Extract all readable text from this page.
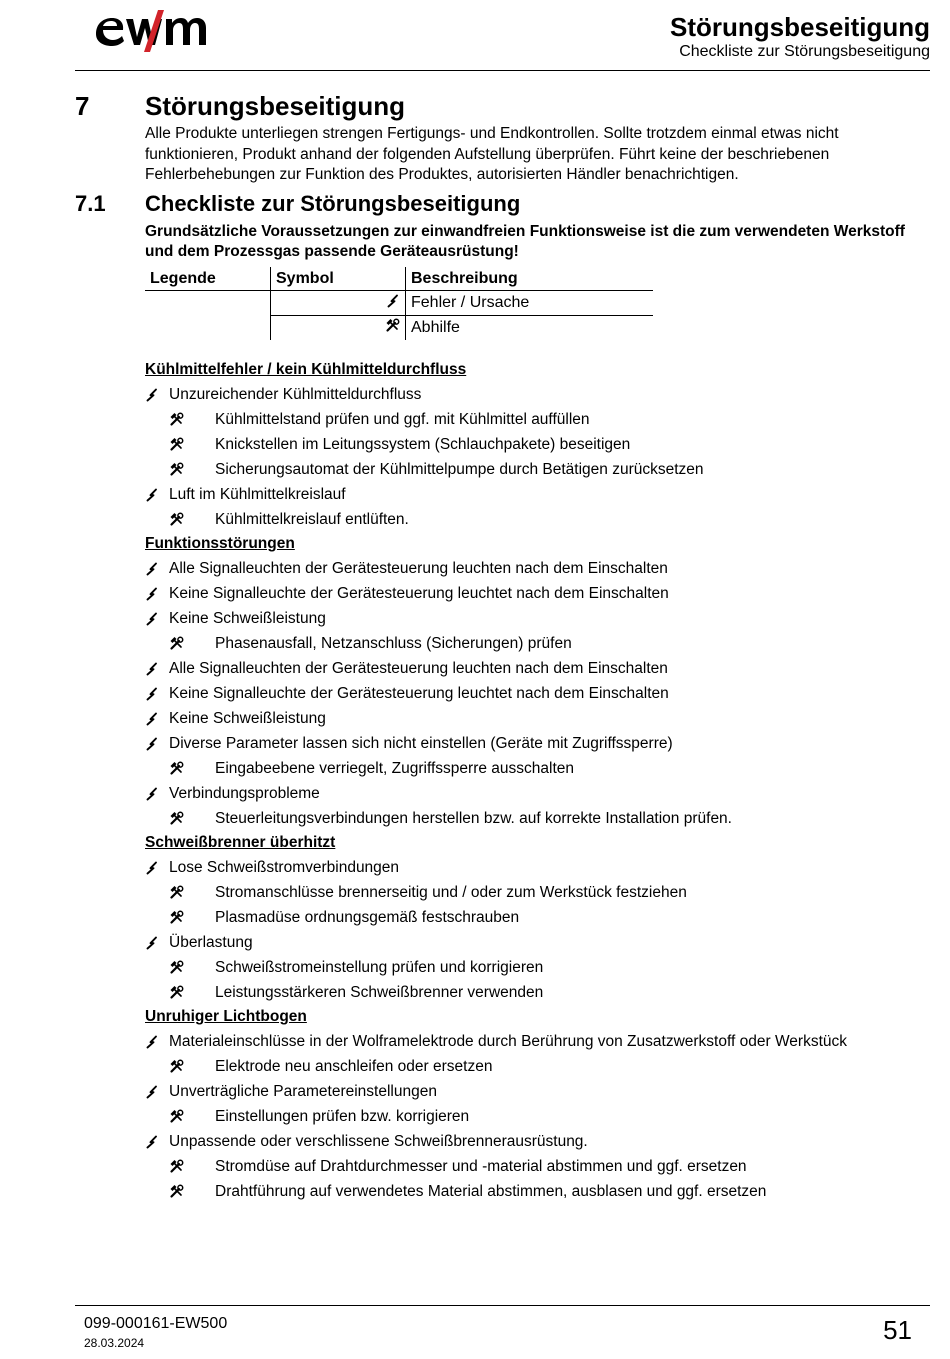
Störungsbeseitigung
Checkliste zur Störungsbeseitigung
7 Störungsbeseitigung
Alle Produkte unterliegen strengen Fertigungs- und Endkontrollen. Sollte trotzdem einmal etwas nicht funktionieren, Produkt anhand der folgenden Aufstellung überprüfen. Führt keine der beschriebenen Fehlerbehebungen zur Funktion des Produktes, autorisierten Händler benachrichtigen.
7.1 Checkliste zur Störungsbeseitigung
Grundsätzliche Voraussetzungen zur einwandfreien Funktionsweise ist die zum verwendeten Werkstoff und dem Prozessgas passende Geräteausrüstung!
Legende	Symbol	Beschreibung
		Fehler / Ursache
		Abhilfe
Kühlmittelfehler / kein Kühlmitteldurchfluss
Unzureichender Kühlmitteldurchfluss
Kühlmittelstand prüfen und ggf. mit Kühlmittel auffüllen
Knickstellen im Leitungssystem (Schlauchpakete) beseitigen
Sicherungsautomat der Kühlmittelpumpe durch Betätigen zurücksetzen
Luft im Kühlmittelkreislauf
Kühlmittelkreislauf entlüften.
Funktionsstörungen
Alle Signalleuchten der Gerätesteuerung leuchten nach dem Einschalten
Keine Signalleuchte der Gerätesteuerung leuchtet nach dem Einschalten
Keine Schweißleistung
Phasenausfall, Netzanschluss (Sicherungen) prüfen
Alle Signalleuchten der Gerätesteuerung leuchten nach dem Einschalten
Keine Signalleuchte der Gerätesteuerung leuchtet nach dem Einschalten
Keine Schweißleistung
Diverse Parameter lassen sich nicht einstellen (Geräte mit Zugriffssperre)
Eingabeebene verriegelt, Zugriffssperre ausschalten
Verbindungsprobleme
Steuerleitungsverbindungen herstellen bzw. auf korrekte Installation prüfen.
Schweißbrenner überhitzt
Lose Schweißstromverbindungen
Stromanschlüsse brennerseitig und / oder zum Werkstück festziehen
Plasmadüse ordnungsgemäß festschrauben
Überlastung
Schweißstromeinstellung prüfen und korrigieren
Leistungsstärkeren Schweißbrenner verwenden
Unruhiger Lichtbogen
Materialeinschlüsse in der Wolframelektrode durch Berührung von Zusatzwerkstoff oder Werkstück
Elektrode neu anschleifen oder ersetzen
Unverträgliche Parametereinstellungen
Einstellungen prüfen bzw. korrigieren
Unpassende oder verschlissene Schweißbrennerausrüstung.
Stromdüse auf Drahtdurchmesser und -material abstimmen und ggf. ersetzen
Drahtführung auf verwendetes Material abstimmen, ausblasen und ggf. ersetzen
099-000161-EW500
28.03.2024	51
